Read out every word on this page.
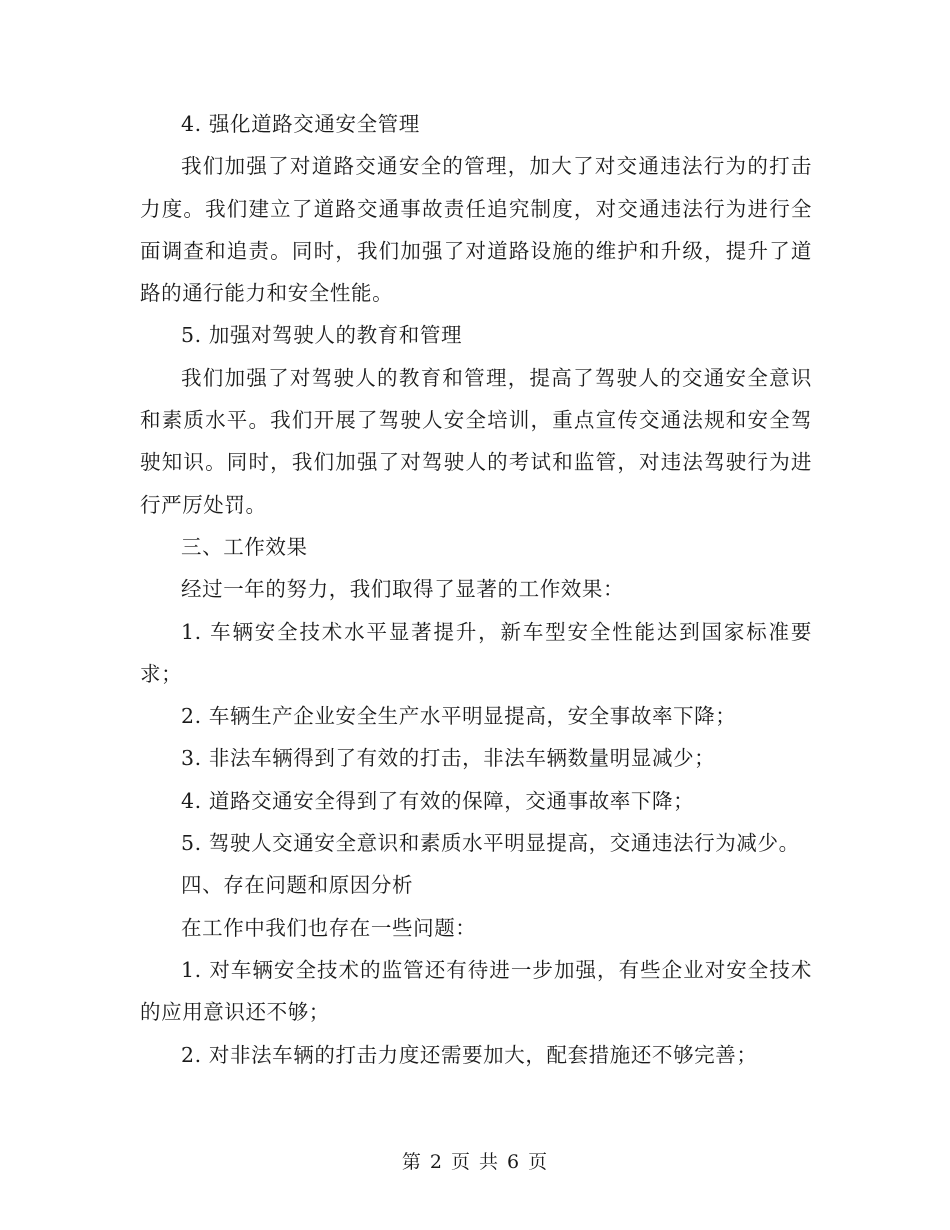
4. 强化道路交通安全管理

我们加强了对道路交通安全的管理，加大了对交通违法行为的打击力度。我们建立了道路交通事故责任追究制度，对交通违法行为进行全面调查和追责。同时，我们加强了对道路设施的维护和升级，提升了道路的通行能力和安全性能。

5. 加强对驾驶人的教育和管理

我们加强了对驾驶人的教育和管理，提高了驾驶人的交通安全意识和素质水平。我们开展了驾驶人安全培训，重点宣传交通法规和安全驾驶知识。同时，我们加强了对驾驶人的考试和监管，对违法驾驶行为进行严厉处罚。

三、工作效果

经过一年的努力，我们取得了显著的工作效果：

1. 车辆安全技术水平显著提升，新车型安全性能达到国家标准要求；

2. 车辆生产企业安全生产水平明显提高，安全事故率下降；

3. 非法车辆得到了有效的打击，非法车辆数量明显减少；

4. 道路交通安全得到了有效的保障，交通事故率下降；

5. 驾驶人交通安全意识和素质水平明显提高，交通违法行为减少。

四、存在问题和原因分析

在工作中我们也存在一些问题：

1. 对车辆安全技术的监管还有待进一步加强，有些企业对安全技术的应用意识还不够；

2. 对非法车辆的打击力度还需要加大，配套措施还不够完善；

第 2 页 共 6 页
